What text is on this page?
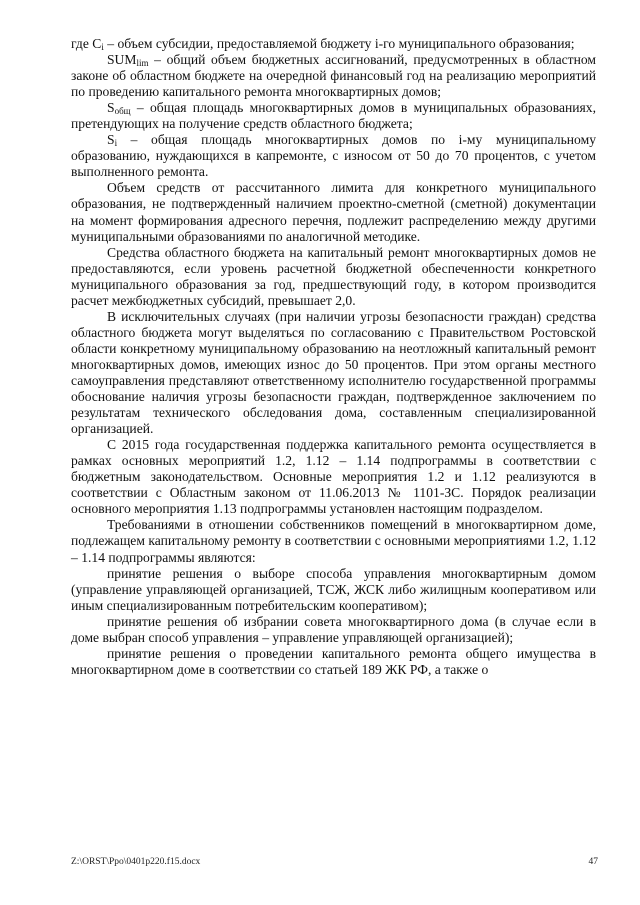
где $C_i$ – объем субсидии, предоставляемой бюджету i-го муниципального образования;

$SUM_{lim}$ – общий объем бюджетных ассигнований, предусмотренных в областном законе об областном бюджете на очередной финансовый год на реализацию мероприятий по проведению капитального ремонта многоквартирных домов;

$S_{общ}$ – общая площадь многоквартирных домов в муниципальных образованиях, претендующих на получение средств областного бюджета;

$S_i$ – общая площадь многоквартирных домов по i-му муниципальному образованию, нуждающихся в капремонте, с износом от 50 до 70 процентов, с учетом выполненного ремонта.

Объем средств от рассчитанного лимита для конкретного муниципального образования, не подтвержденный наличием проектно-сметной (сметной) документации на момент формирования адресного перечня, подлежит распределению между другими муниципальными образованиями по аналогичной методике.

Средства областного бюджета на капитальный ремонт многоквартирных домов не предоставляются, если уровень расчетной бюджетной обеспеченности конкретного муниципального образования за год, предшествующий году, в котором производится расчет межбюджетных субсидий, превышает 2,0.

В исключительных случаях (при наличии угрозы безопасности граждан) средства областного бюджета могут выделяться по согласованию с Правительством Ростовской области конкретному муниципальному образованию на неотложный капитальный ремонт многоквартирных домов, имеющих износ до 50 процентов. При этом органы местного самоуправления представляют ответственному исполнителю государственной программы обоснование наличия угрозы безопасности граждан, подтвержденное заключением по результатам технического обследования дома, составленным специализированной организацией.

С 2015 года государственная поддержка капитального ремонта осуществляется в рамках основных мероприятий 1.2, 1.12 – 1.14 подпрограммы в соответствии с бюджетным законодательством. Основные мероприятия 1.2 и 1.12 реализуются в соответствии с Областным законом от 11.06.2013 № 1101-ЗС. Порядок реализации основного мероприятия 1.13 подпрограммы установлен настоящим подразделом.

Требованиями в отношении собственников помещений в многоквартирном доме, подлежащем капитальному ремонту в соответствии с основными мероприятиями 1.2, 1.12 – 1.14 подпрограммы являются:

принятие решения о выборе способа управления многоквартирным домом (управление управляющей организацией, ТСЖ, ЖСК либо жилищным кооперативом или иным специализированным потребительским кооперативом);

принятие решения об избрании совета многоквартирного дома (в случае если в доме выбран способ управления – управление управляющей организацией);

принятие решения о проведении капитального ремонта общего имущества в многоквартирном доме в соответствии со статьей 189 ЖК РФ, а также о

Z:\ORST\Ppo\0401p220.f15.docx	47
